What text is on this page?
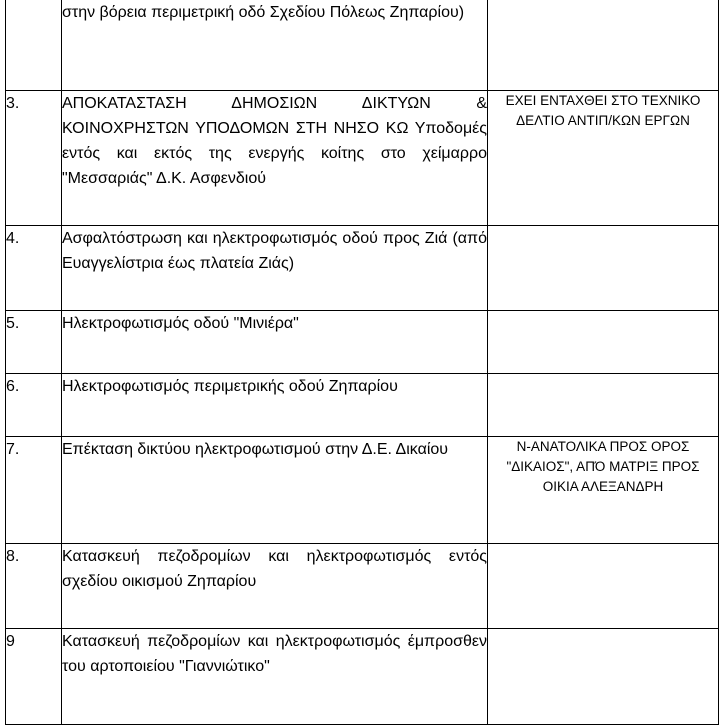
	στην βόρεια περιμετρική οδό Σχεδίου Πόλεως Ζηπαρίου)	
3.	ΑΠΟΚΑΤΑΣΤΑΣΗ ΔΗΜΟΣΙΩΝ ΔΙΚΤΥΩΝ & ΚΟΙΝΟΧΡΗΣΤΩΝ ΥΠΟΔΟΜΩΝ ΣΤΗ ΝΗΣΟ ΚΩ Υποδομές εντός και εκτός της ενεργής κοίτης στο χείμαρρο "Μεσσαριάς" Δ.Κ. Ασφενδιού	ΕΧΕΙ ΕΝΤΑΧΘΕΙ ΣΤΟ ΤΕΧΝΙΚΟ ΔΕΛΤΙΟ ΑΝΤΙΠ/ΚΩΝ ΕΡΓΩΝ
4.	Ασφαλτόστρωση και ηλεκτροφωτισμός οδού προς Ζιά (από Ευαγγελίστρια έως πλατεία Ζιάς)	
5.	Ηλεκτροφωτισμός οδού "Μινιέρα"	
6.	Ηλεκτροφωτισμός περιμετρικής οδού Ζηπαρίου	
7.	Επέκταση δικτύου ηλεκτροφωτισμού στην Δ.Ε. Δικαίου	Ν-ΑΝΑΤΟΛΙΚΑ ΠΡΟΣ ΟΡΟΣ "ΔΙΚΑΙΟΣ", ΑΠΌ ΜΑΤΡΙΞ ΠΡΟΣ ΟΙΚΙΑ ΑΛΕΞΑΝΔΡΗ
8.	Κατασκευή πεζοδρομίων και ηλεκτροφωτισμός εντός σχεδίου οικισμού Ζηπαρίου	
9	Κατασκευή πεζοδρομίων και ηλεκτροφωτισμός έμπροσθεν του αρτοποιείου "Γιαννιώτικο"	
